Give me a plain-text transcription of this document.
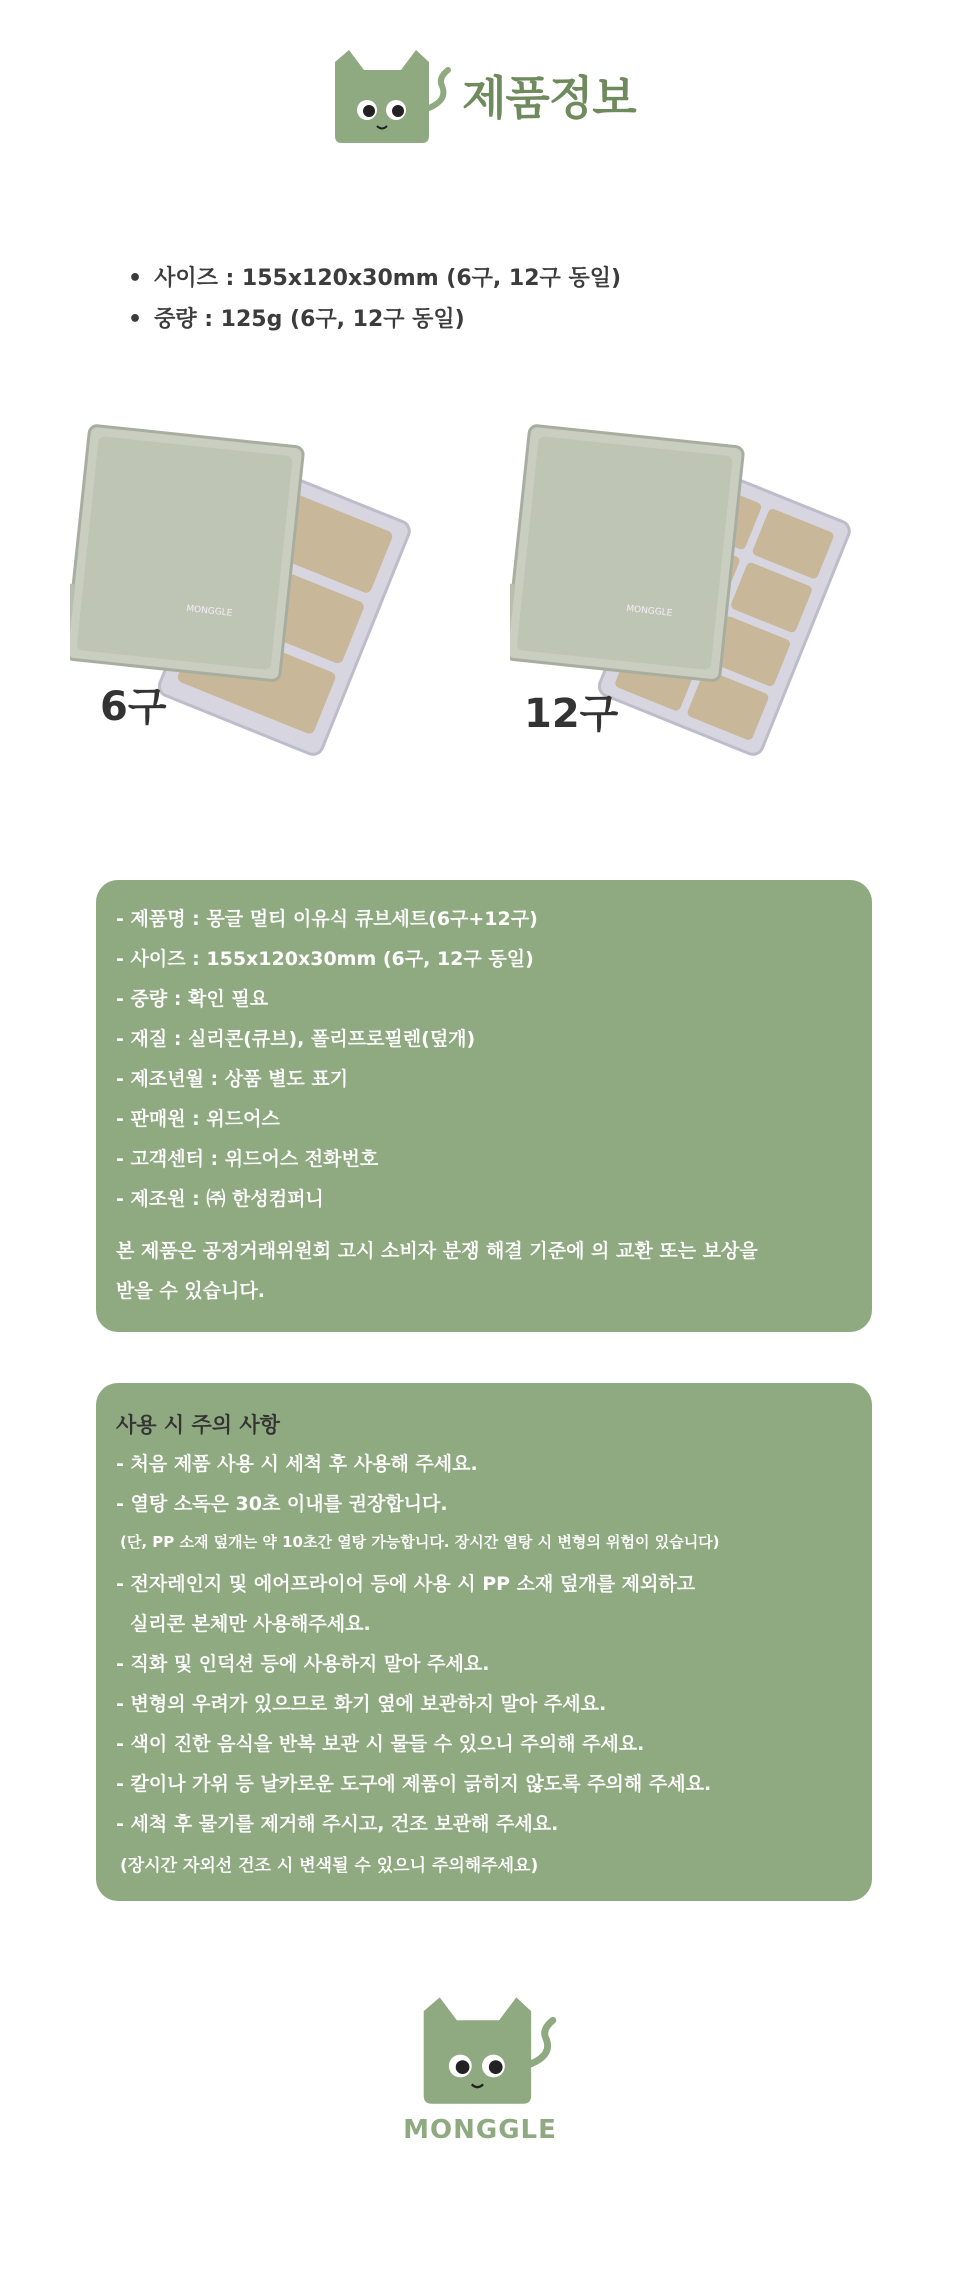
제품정보
• 사이즈 : 155x120x30mm (6구, 12구 동일)
• 중량 : 125g (6구, 12구 동일)
MONGGLE
6구
MONGGLE
12구
- 제품명 : 몽글 멀티 이유식 큐브세트(6구+12구)
- 사이즈 : 155x120x30mm (6구, 12구 동일)
- 중량 : 확인 필요
- 재질 : 실리콘(큐브), 폴리프로필렌(덮개)
- 제조년월 : 상품 별도 표기
- 판매원 : 위드어스
- 고객센터 : 위드어스 전화번호
- 제조원 : ㈜ 한성컴퍼니
본 제품은 공정거래위원회 고시 소비자 분쟁 해결 기준에 의 교환 또는 보상을
받을 수 있습니다.
사용 시 주의 사항
- 처음 제품 사용 시 세척 후 사용해 주세요.
- 열탕 소독은 30초 이내를 권장합니다.
(단, PP 소재 덮개는 약 10초간 열탕 가능합니다. 장시간 열탕 시 변형의 위험이 있습니다)
- 전자레인지 및 에어프라이어 등에 사용 시 PP 소재 덮개를 제외하고
실리콘 본체만 사용해주세요.
- 직화 및 인덕션 등에 사용하지 말아 주세요.
- 변형의 우려가 있으므로 화기 옆에 보관하지 말아 주세요.
- 색이 진한 음식을 반복 보관 시 물들 수 있으니 주의해 주세요.
- 칼이나 가위 등 날카로운 도구에 제품이 긁히지 않도록 주의해 주세요.
- 세척 후 물기를 제거해 주시고, 건조 보관해 주세요.
(장시간 자외선 건조 시 변색될 수 있으니 주의해주세요)
MONGGLE
